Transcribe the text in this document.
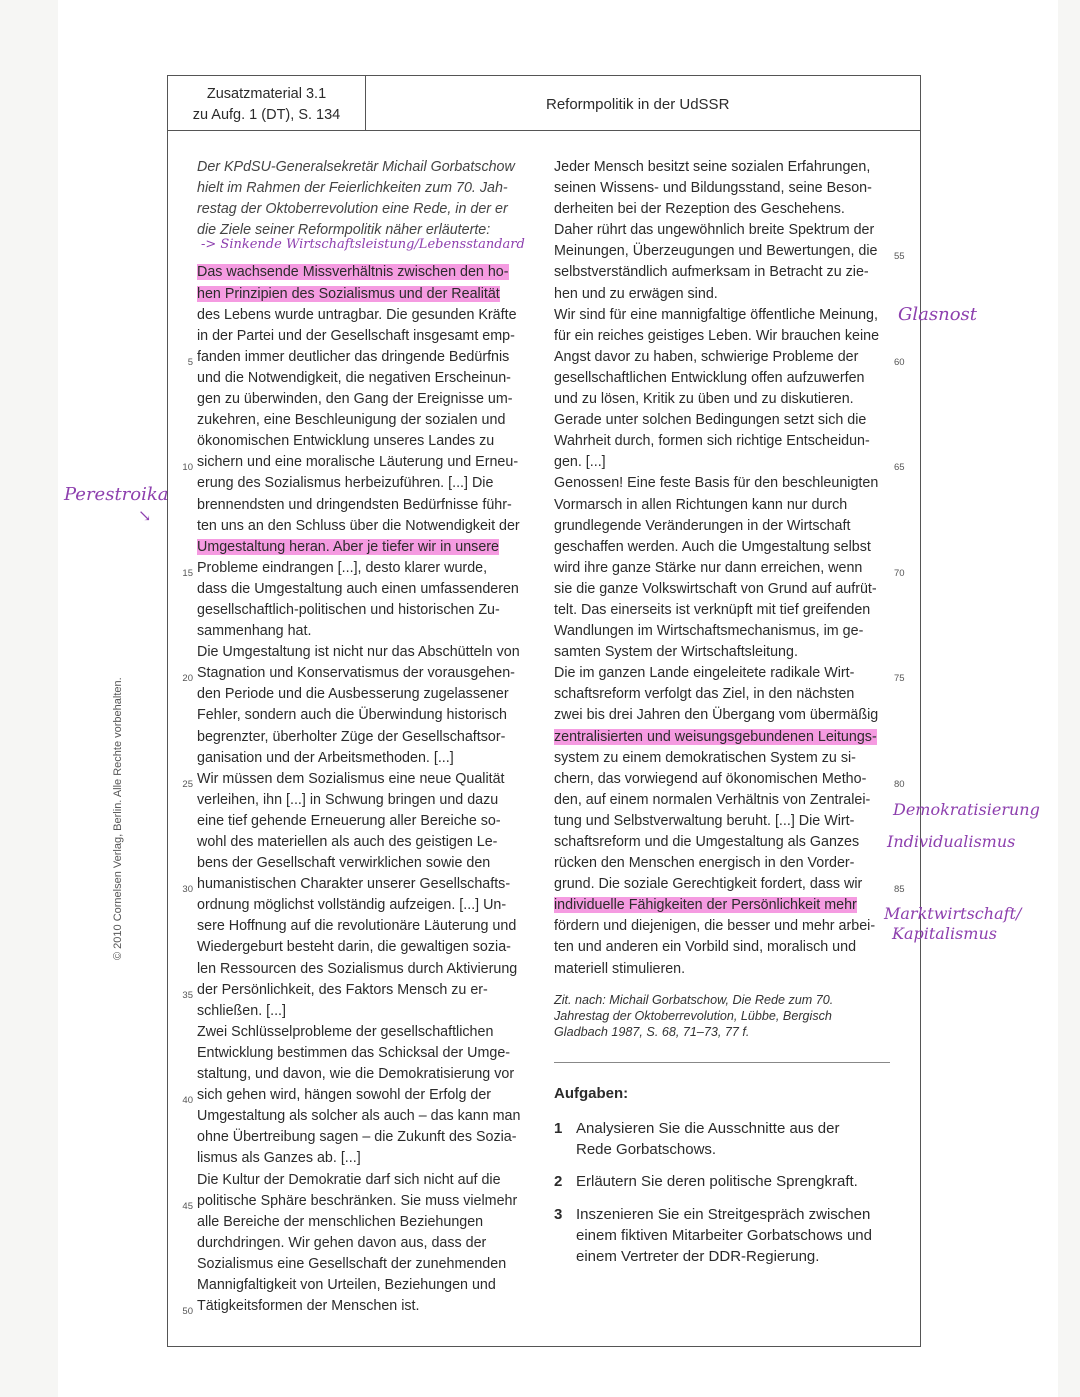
© 2010 Cornelsen Verlag, Berlin. Alle Rechte vorbehalten.
Zusatzmaterial 3.1
zu Aufg. 1 (DT), S. 134
Reformpolitik in der UdSSR
Der KPdSU-Generalsekretär Michail Gorbatschow
hielt im Rahmen der Feierlichkeiten zum 70. Jah-
restag der Oktoberrevolution eine Rede, in der er
die Ziele seiner Reformpolitik näher erläuterte:
Das wachsende Missverhältnis zwischen den ho-
hen Prinzipien des Sozialismus und der Realität
des Lebens wurde untragbar. Die gesunden Kräfte
in der Partei und der Gesellschaft insgesamt emp-
fanden immer deutlicher das dringende Bedürfnis
5
und die Notwendigkeit, die negativen Erscheinun-
gen zu überwinden, den Gang der Ereignisse um-
zukehren, eine Beschleunigung der sozialen und
ökonomischen Entwicklung unseres Landes zu
sichern und eine moralische Läuterung und Erneu-
10
erung des Sozialismus herbeizuführen. [...] Die
brennendsten und dringendsten Bedürfnisse führ-
ten uns an den Schluss über die Notwendigkeit der
Umgestaltung heran. Aber je tiefer wir in unsere
Probleme eindrangen [...], desto klarer wurde,
15
dass die Umgestaltung auch einen umfassenderen
gesellschaftlich-politischen und historischen Zu-
sammenhang hat.
Die Umgestaltung ist nicht nur das Abschütteln von
Stagnation und Konservatismus der vorausgehen-
20
den Periode und die Ausbesserung zugelassener
Fehler, sondern auch die Überwindung historisch
begrenzter, überholter Züge der Gesellschaftsor-
ganisation und der Arbeitsmethoden. [...]
Wir müssen dem Sozialismus eine neue Qualität
25
verleihen, ihn [...] in Schwung bringen und dazu
eine tief gehende Erneuerung aller Bereiche so-
wohl des materiellen als auch des geistigen Le-
bens der Gesellschaft verwirklichen sowie den
humanistischen Charakter unserer Gesellschafts-
30
ordnung möglichst vollständig aufzeigen. [...] Un-
sere Hoffnung auf die revolutionäre Läuterung und
Wiedergeburt besteht darin, die gewaltigen sozia-
len Ressourcen des Sozialismus durch Aktivierung
der Persönlichkeit, des Faktors Mensch zu er-
35
schließen. [...]
Zwei Schlüsselprobleme der gesellschaftlichen
Entwicklung bestimmen das Schicksal der Umge-
staltung, und davon, wie die Demokratisierung vor
sich gehen wird, hängen sowohl der Erfolg der
40
Umgestaltung als solcher als auch – das kann man
ohne Übertreibung sagen – die Zukunft des Sozia-
lismus als Ganzes ab. [...]
Die Kultur der Demokratie darf sich nicht auf die
politische Sphäre beschränken. Sie muss vielmehr
45
alle Bereiche der menschlichen Beziehungen
durchdringen. Wir gehen davon aus, dass der
Sozialismus eine Gesellschaft der zunehmenden
Mannigfaltigkeit von Urteilen, Beziehungen und
Tätigkeitsformen der Menschen ist.
50
Jeder Mensch besitzt seine sozialen Erfahrungen,
seinen Wissens- und Bildungsstand, seine Beson-
derheiten bei der Rezeption des Geschehens.
Daher rührt das ungewöhnlich breite Spektrum der
Meinungen, Überzeugungen und Bewertungen, die 55
selbstverständlich aufmerksam in Betracht zu zie-
hen und zu erwägen sind.
Wir sind für eine mannigfaltige öffentliche Meinung,
für ein reiches geistiges Leben. Wir brauchen keine
Angst davor zu haben, schwierige Probleme der	60
gesellschaftlichen Entwicklung offen aufzuwerfen
und zu lösen, Kritik zu üben und zu diskutieren.
Gerade unter solchen Bedingungen setzt sich die
Wahrheit durch, formen sich richtige Entscheidun-
gen. [...]	65
Genossen! Eine feste Basis für den beschleunigten
Vormarsch in allen Richtungen kann nur durch
grundlegende Veränderungen in der Wirtschaft
geschaffen werden. Auch die Umgestaltung selbst
wird ihre ganze Stärke nur dann erreichen, wenn	70
sie die ganze Volkswirtschaft von Grund auf aufrüt-
telt. Das einerseits ist verknüpft mit tief greifenden
Wandlungen im Wirtschaftsmechanismus, im ge-
samten System der Wirtschaftsleitung.
Die im ganzen Lande eingeleitete radikale Wirt-	75
schaftsreform verfolgt das Ziel, in den nächsten
zwei bis drei Jahren den Übergang vom übermäßig
zentralisierten und weisungsgebundenen Leitungs-
system zu einem demokratischen System zu si-
chern, das vorwiegend auf ökonomischen Metho-	80
den, auf einem normalen Verhältnis von Zentralei-
tung und Selbstverwaltung beruht. [...] Die Wirt-
schaftsreform und die Umgestaltung als Ganzes
rücken den Menschen energisch in den Vorder-
grund. Die soziale Gerechtigkeit fordert, dass wir	85
individuelle Fähigkeiten der Persönlichkeit mehr
fördern und diejenigen, die besser und mehr arbei-
ten und anderen ein Vorbild sind, moralisch und
materiell stimulieren.
Zit. nach: Michail Gorbatschow, Die Rede zum 70. Jahrestag der Oktoberrevolution, Lübbe, Bergisch Gladbach 1987, S. 68, 71–73, 77 f.
Aufgaben:
1 Analysieren Sie die Ausschnitte aus der Rede Gorbatschows.
2 Erläutern Sie deren politische Sprengkraft.
3 Inszenieren Sie ein Streitgespräch zwischen einem fiktiven Mitarbeiter Gorbatschows und einem Vertreter der DDR-Regierung.
Perestroika
↘
Glasnost
Demokratisierung
Individualismus
Marktwirtschaft/
Kapitalismus
-> Sinkende Wirtschaftsleistung/Lebensstandard
